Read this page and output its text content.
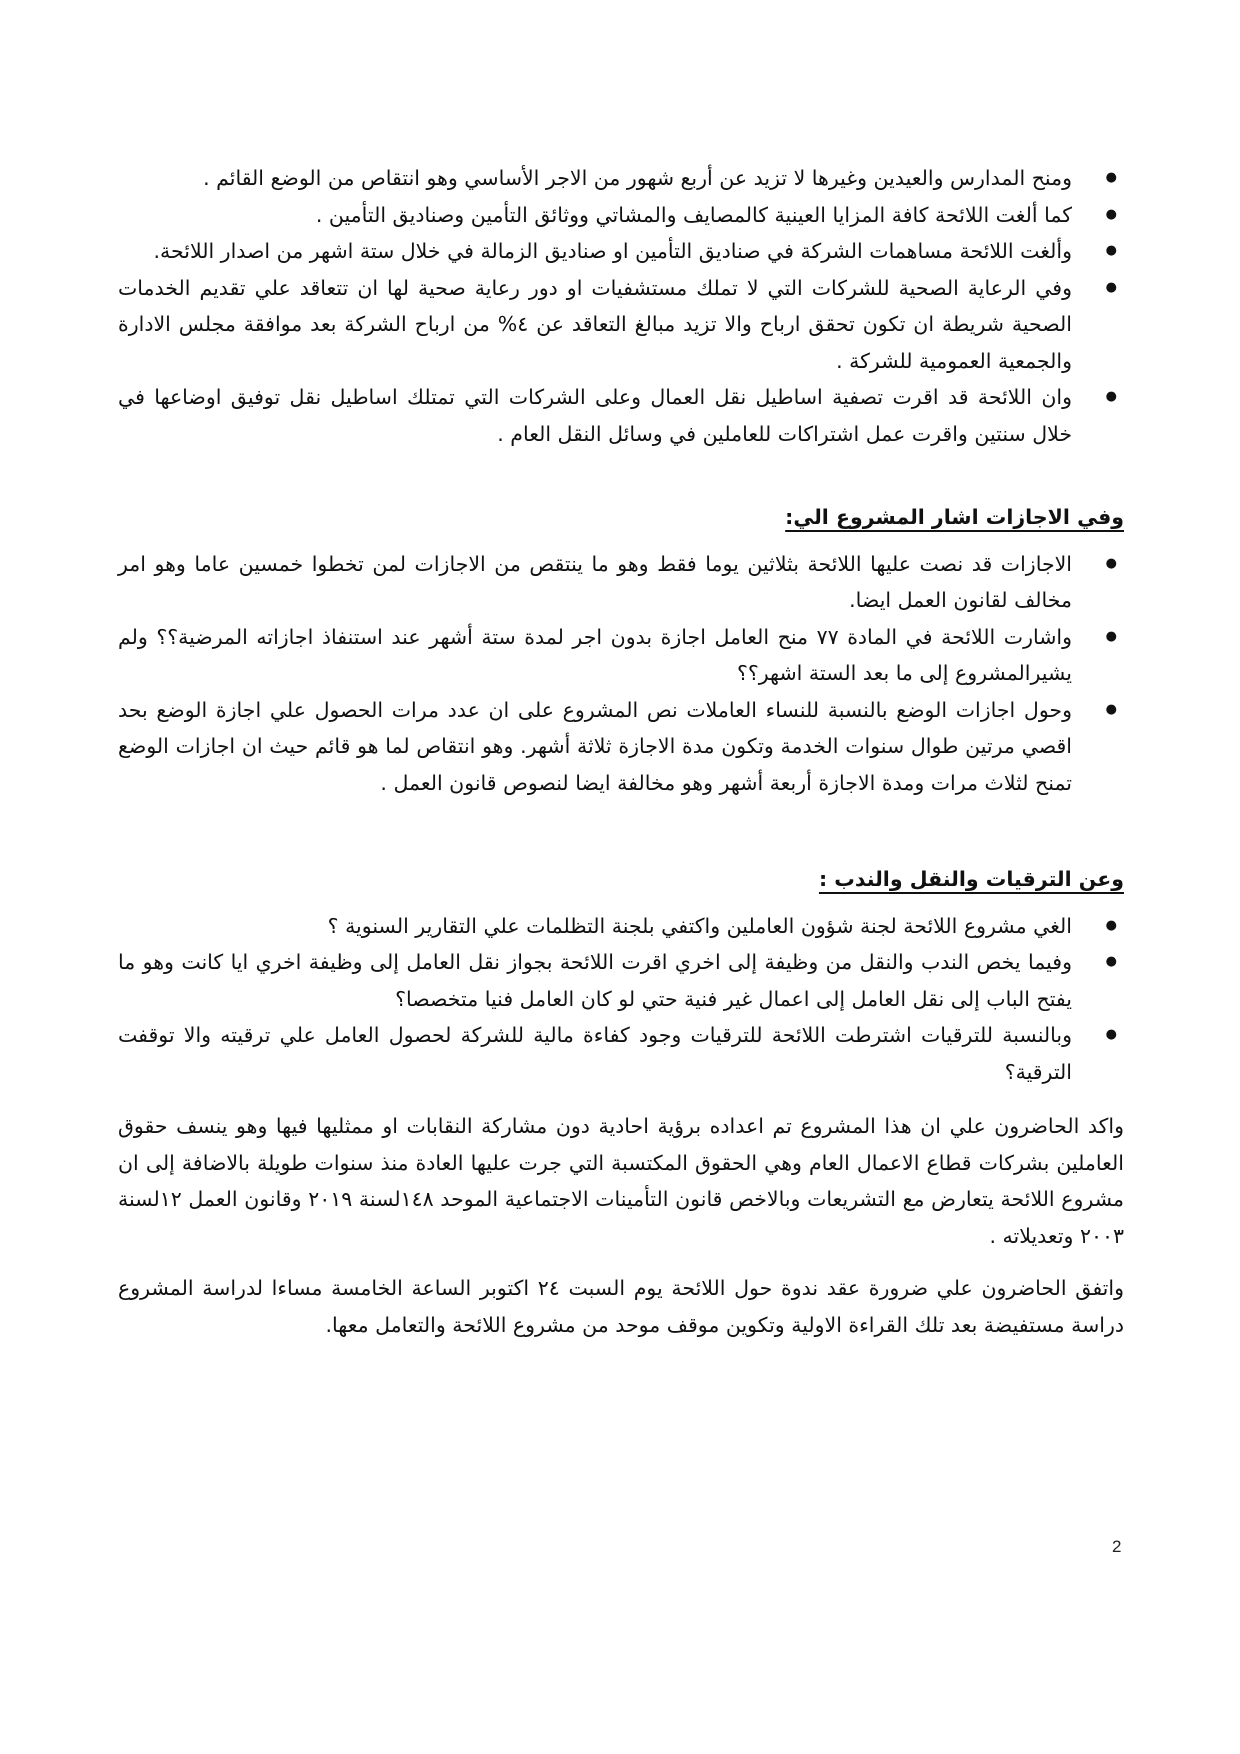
● ومنح المدارس والعيدين وغيرها لا تزيد عن أربع شهور من الاجر الأساسي وهو انتقاص من الوضع القائم .
● كما ألغت اللائحة كافة المزايا العينية كالمصايف والمشاتي ووثائق التأمين وصناديق التأمين .
● وألغت اللائحة مساهمات الشركة في صناديق التأمين او صناديق الزمالة في خلال ستة اشهر من اصدار اللائحة.
● وفي الرعاية الصحية للشركات التي لا تملك مستشفيات او دور رعاية صحية لها ان تتعاقد علي تقديم الخدمات الصحية شريطة ان تكون تحقق ارباح والا تزيد مبالغ التعاقد عن ٤% من ارباح الشركة بعد موافقة مجلس الادارة والجمعية العمومية للشركة .
● وان اللائحة قد اقرت تصفية اساطيل نقل العمال وعلى الشركات التي تمتلك اساطيل نقل توفيق اوضاعها في خلال سنتين واقرت عمل اشتراكات للعاملين في وسائل النقل العام .

وفي الاجازات اشار المشروع الي:

● الاجازات قد نصت عليها اللائحة بثلاثين يوما فقط وهو ما ينتقص من الاجازات لمن تخطوا خمسين عاما وهو امر مخالف لقانون العمل ايضا.
● واشارت اللائحة في المادة ٧٧ منح العامل اجازة بدون اجر لمدة ستة أشهر عند استنفاذ اجازاته المرضية؟؟ ولم يشيرالمشروع إلى ما بعد الستة اشهر؟؟
● وحول اجازات الوضع بالنسبة للنساء العاملات نص المشروع على ان عدد مرات الحصول علي اجازة الوضع بحد اقصي مرتين طوال سنوات الخدمة وتكون مدة الاجازة ثلاثة أشهر. وهو انتقاص لما هو قائم حيث ان اجازات الوضع تمنح لثلاث مرات ومدة الاجازة أربعة أشهر وهو مخالفة ايضا لنصوص قانون العمل .

وعن الترقيات والنقل والندب :

● الغي مشروع اللائحة لجنة شؤون العاملين واكتفي بلجنة التظلمات علي التقارير السنوية ؟
● وفيما يخص الندب والنقل من وظيفة إلى اخري اقرت اللائحة بجواز نقل العامل إلى وظيفة اخري ايا كانت وهو ما يفتح الباب إلى نقل العامل إلى اعمال غير فنية حتي لو كان العامل فنيا متخصصا؟
● وبالنسبة للترقيات اشترطت اللائحة للترقيات وجود كفاءة مالية للشركة لحصول العامل علي ترقيته والا توقفت الترقية؟

واكد الحاضرون علي ان هذا المشروع تم اعداده برؤية احادية دون مشاركة النقابات او ممثليها فيها وهو ينسف حقوق العاملين بشركات قطاع الاعمال العام وهي الحقوق المكتسبة التي جرت عليها العادة منذ سنوات طويلة بالاضافة إلى ان مشروع اللائحة يتعارض مع التشريعات وبالاخص قانون التأمينات الاجتماعية الموحد ١٤٨لسنة ٢٠١٩ وقانون العمل ١٢لسنة ٢٠٠٣ وتعديلاته .

واتفق الحاضرون علي ضرورة عقد ندوة حول اللائحة يوم السبت ٢٤ اكتوبر الساعة الخامسة مساءا لدراسة المشروع دراسة مستفيضة بعد تلك القراءة الاولية وتكوين موقف موحد من مشروع اللائحة والتعامل معها.

2
